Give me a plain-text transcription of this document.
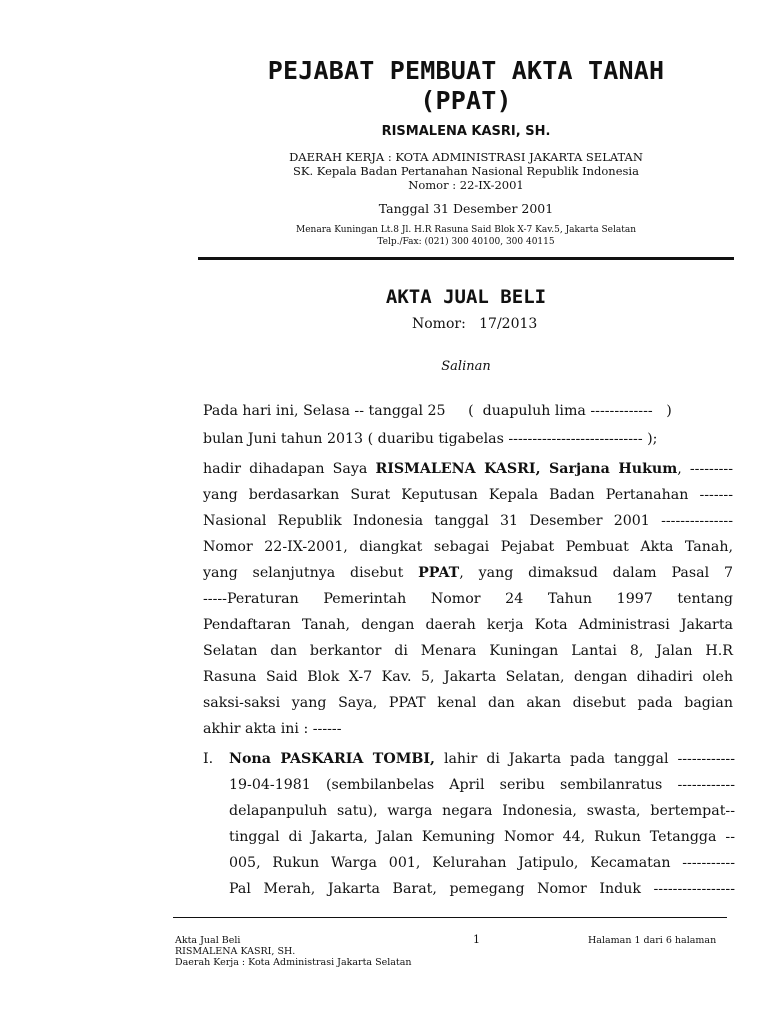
PEJABAT PEMBUAT AKTA TANAH
(PPAT)
RISMALENA KASRI, SH.
DAERAH KERJA : KOTA ADMINISTRASI JAKARTA SELATAN
SK. Kepala Badan Pertanahan Nasional Republik Indonesia
Nomor : 22-IX-2001
Tanggal 31 Desember 2001
Menara Kuningan Lt.8 Jl. H.R Rasuna Said Blok X-7 Kav.5, Jakarta Selatan
Telp./Fax: (021) 300 40100, 300 40115
AKTA JUAL BELI
Nomor:   17/2013
Salinan
Pada hari ini, Selasa -- tanggal 25     (  duapuluh lima -------------   )
bulan Juni tahun 2013 ( duaribu tigabelas ---------------------------- );
hadir dihadapan Saya RISMALENA KASRI, Sarjana Hukum, ---------
yang berdasarkan Surat Keputusan Kepala Badan Pertanahan -------
Nasional Republik Indonesia tanggal 31 Desember 2001 ---------------
Nomor 22-IX-2001, diangkat sebagai Pejabat Pembuat Akta Tanah,
yang selanjutnya disebut PPAT, yang dimaksud dalam Pasal 7
-----Peraturan Pemerintah Nomor 24 Tahun 1997 tentang
Pendaftaran Tanah, dengan daerah kerja Kota Administrasi Jakarta
Selatan dan berkantor di Menara Kuningan Lantai 8, Jalan H.R
Rasuna Said Blok X-7 Kav. 5, Jakarta Selatan, dengan dihadiri oleh
saksi-saksi yang Saya, PPAT kenal dan akan disebut pada bagian
akhir akta ini : ------
I. Nona PASKARIA TOMBI, lahir di Jakarta pada tanggal ------------
19-04-1981 (sembilanbelas April seribu sembilanratus ------------
delapanpuluh satu), warga negara Indonesia, swasta, bertempat--
tinggal di Jakarta, Jalan Kemuning Nomor 44, Rukun Tetangga --
005, Rukun Warga 001, Kelurahan Jatipulo, Kecamatan -----------
Pal Merah, Jakarta Barat, pemegang Nomor Induk -----------------
Akta Jual Beli	1	Halaman 1 dari 6 halaman
RISMALENA KASRI, SH.
Daerah Kerja : Kota Administrasi Jakarta Selatan
